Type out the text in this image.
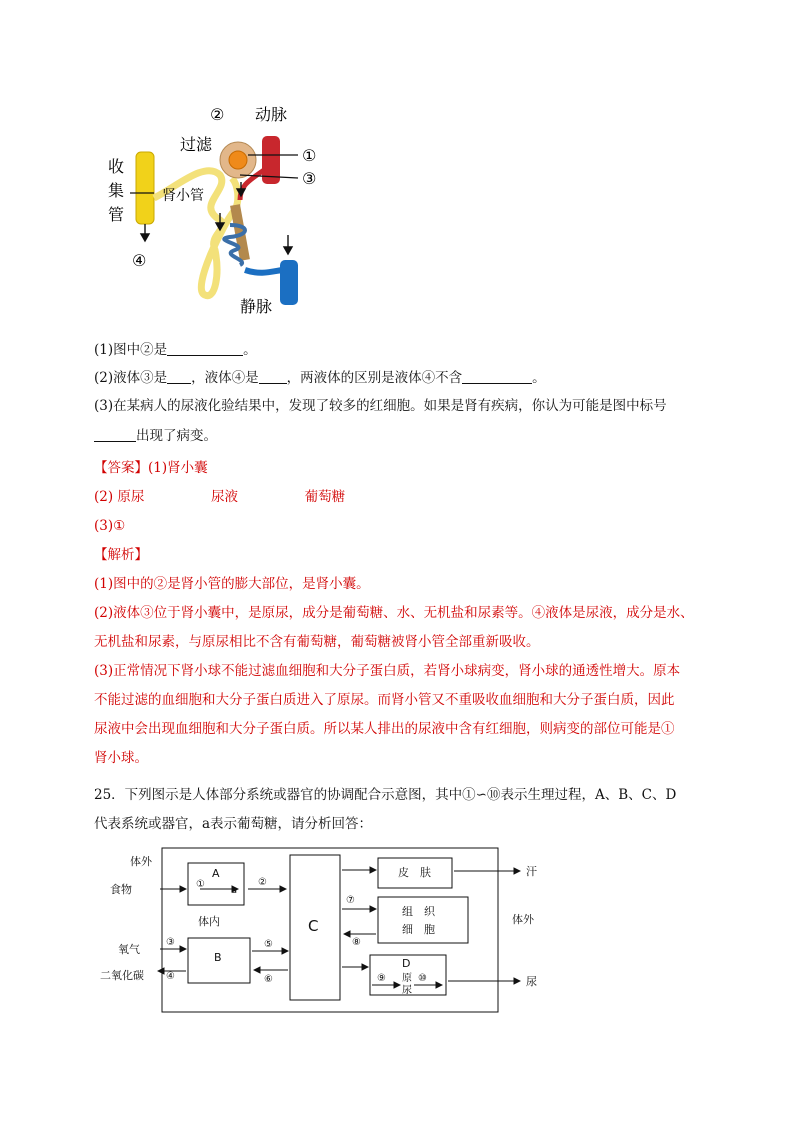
② 动脉
过滤
①
③
收
集
管
肾小管
④
静脉
(1)图中②是	。
(2)液体③是 ，液体④是 ，两液体的区别是液体④不含	。
(3)在某病人的尿液化验结果中，发现了较多的红细胞。如果是肾有疾病，你认为可能是图中标号
出现了病变。
【答案】(1)肾小囊
(2) 原尿	尿液	葡萄糖
(3)①
【解析】
(1)图中的②是肾小管的膨大部位，是肾小囊。
(2)液体③位于肾小囊中，是原尿，成分是葡萄糖、水、无机盐和尿素等。④液体是尿液，成分是水、
无机盐和尿素，与原尿相比不含有葡萄糖，葡萄糖被肾小管全部重新吸收。
(3)正常情况下肾小球不能过滤血细胞和大分子蛋白质，若肾小球病变，肾小球的通透性增大。原本
不能过滤的血细胞和大分子蛋白质进入了原尿。而肾小管又不重吸收血细胞和大分子蛋白质，因此
尿液中会出现血细胞和大分子蛋白质。所以某人排出的尿液中含有红细胞，则病变的部位可能是①
肾小球。
25．下列图示是人体部分系统或器官的协调配合示意图，其中①∽⑩表示生理过程，A、B、C、D
代表系统或器官，a表示葡萄糖，请分析回答：
体外
食物
A
①
a
体内
②
氧气
二氧化碳
③
④
B
⑤
⑥
C
皮　肤
⑦
⑧
组　织
细　胞
D
⑨ 原
尿
⑩
体外
汗
尿
